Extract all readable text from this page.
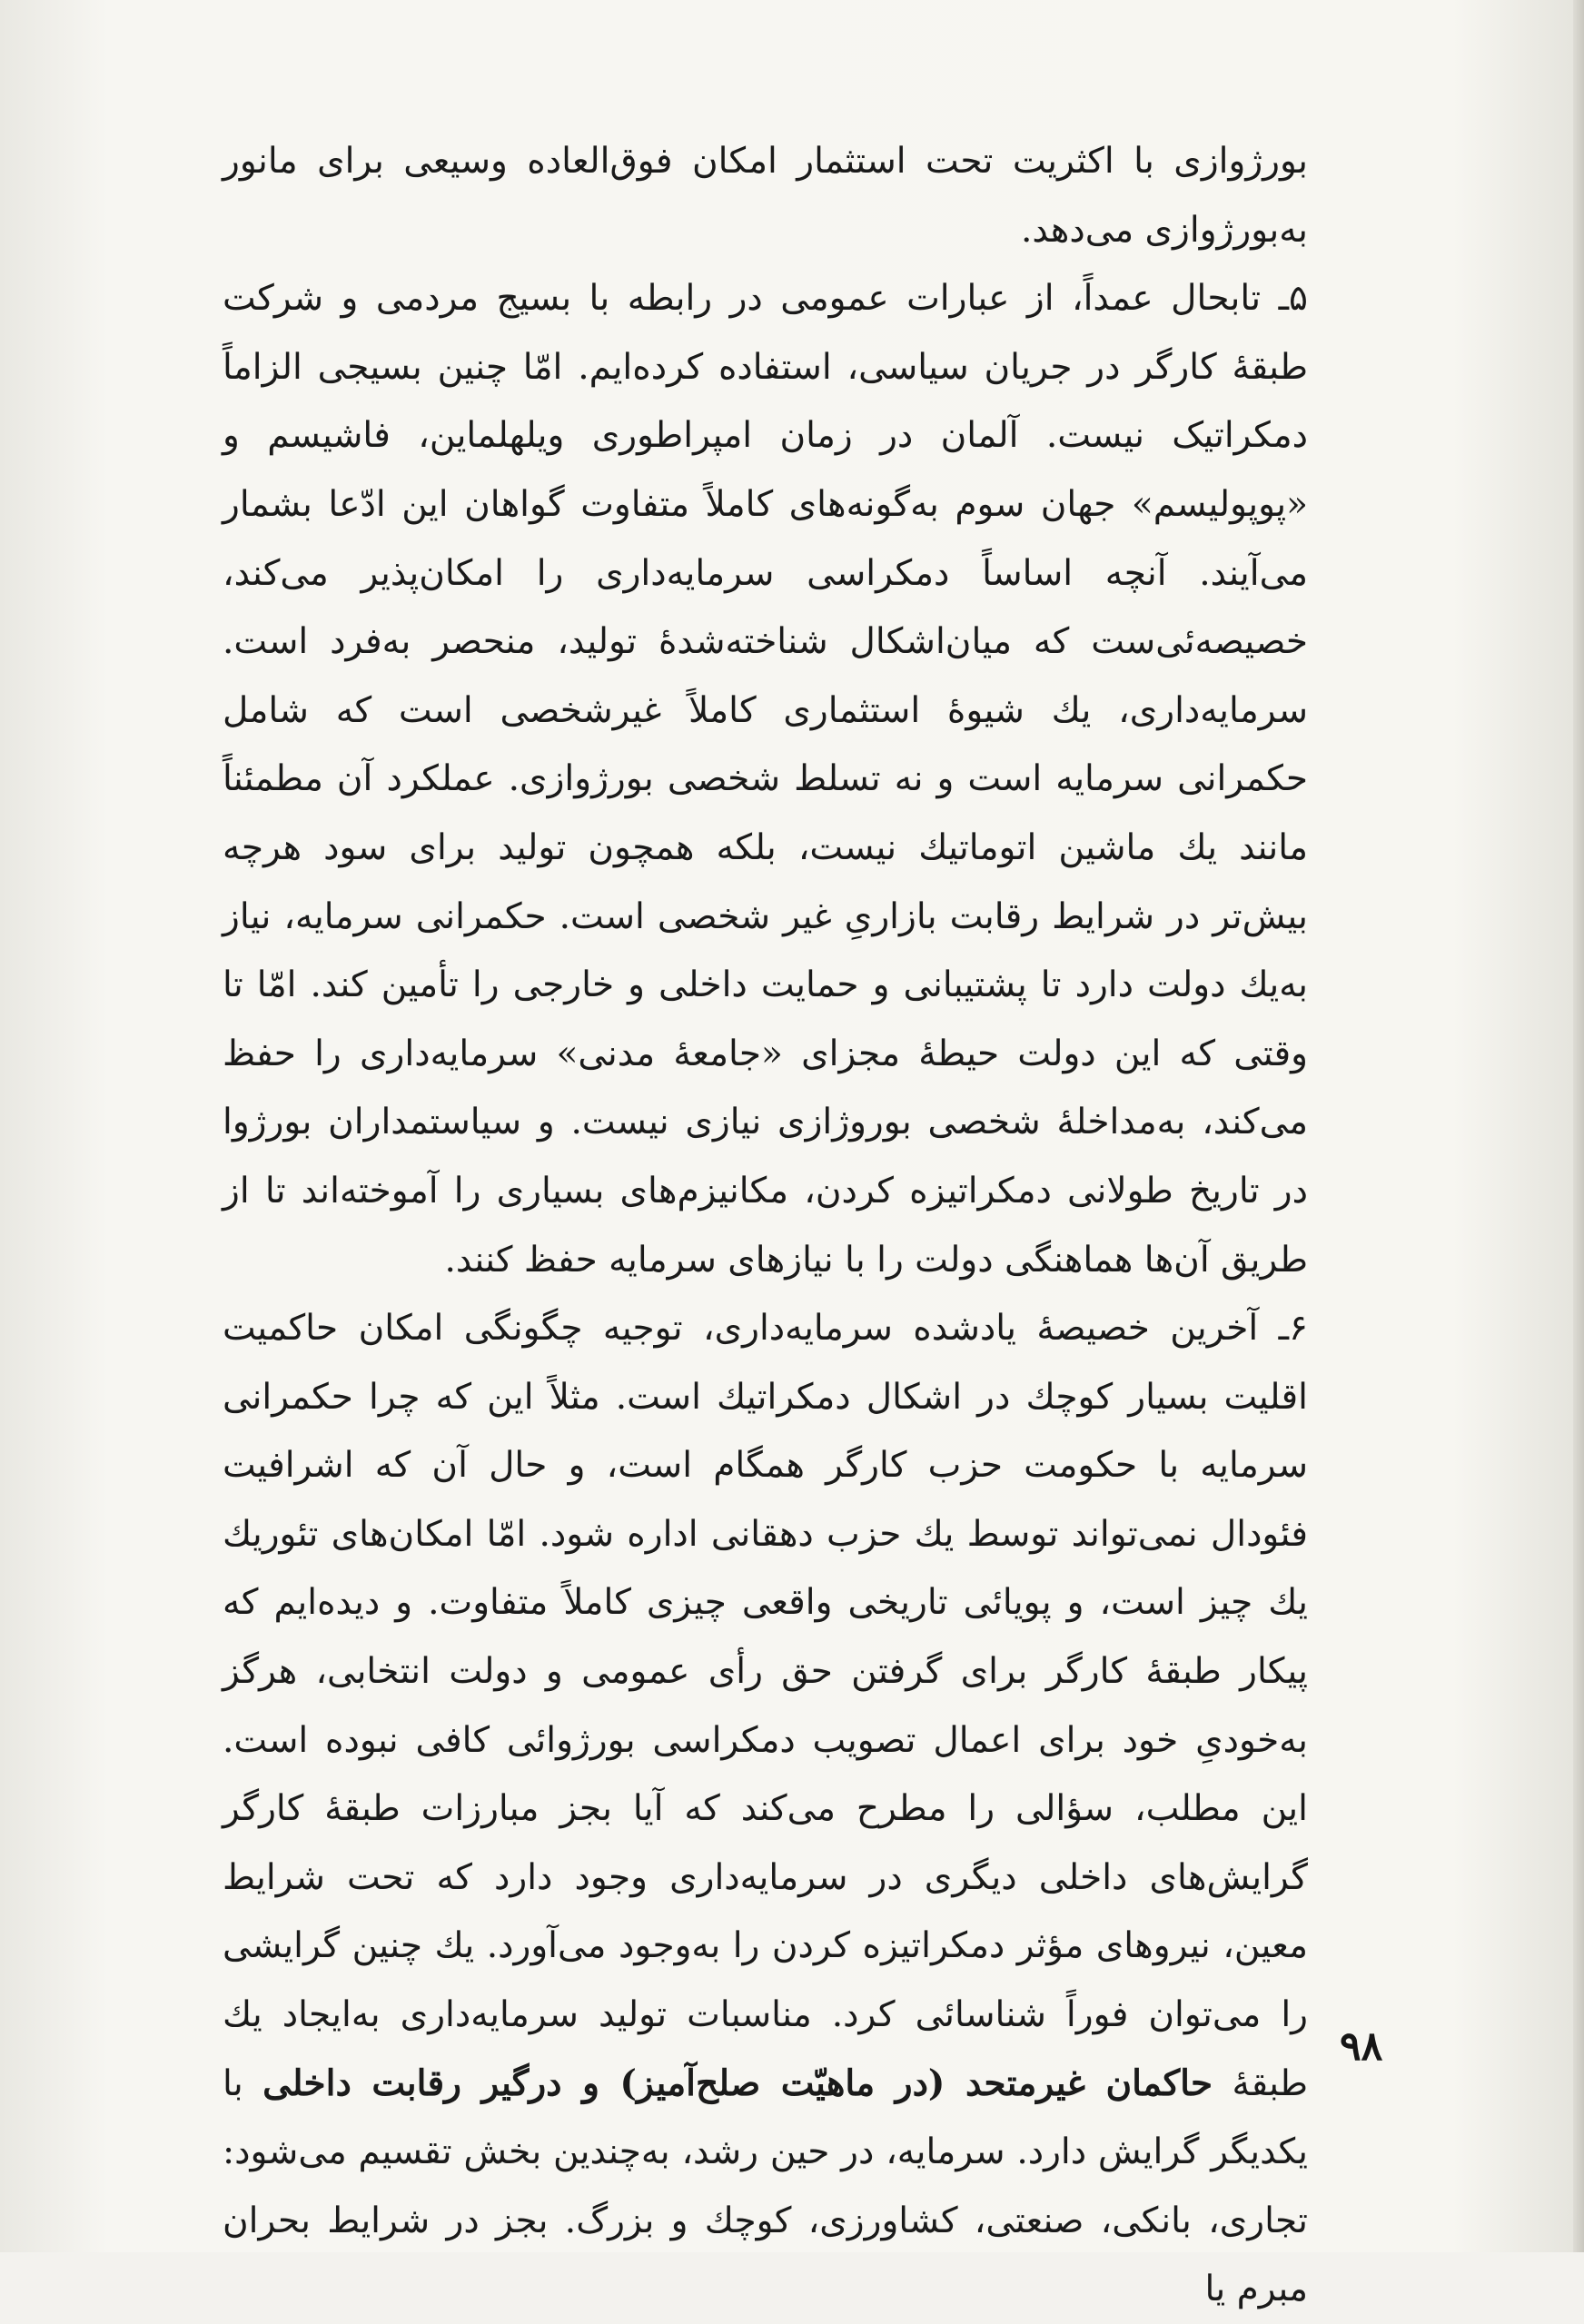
بورژوازی با اکثریت تحت استثمار امکان فوق‌العاده وسیعی برای مانور به‌بورژوازی می‌دهد.

۵ـ تابحال عمداً، از عبارات عمومی در رابطه با بسیج مردمی و شرکت طبقهٔ کارگر در جریان سیاسی، استفاده کرده‌ایم. امّا چنین بسیجی الزاماً دمکراتیک نیست. آلمان در زمان امپراطوری ویلهلماین، فاشیسم و «پوپولیسم» جهان سوم به‌گونه‌های کاملاً متفاوت گواهان این ادّعا بشمار می‌آیند. آنچه اساساً دمکراسی سرمایه‌داری را امکان‌پذیر می‌کند، خصیصه‌ئی‌ست که میان‌اشکال شناخته‌شدهٔ تولید، منحصر به‌فرد است. سرمایه‌داری، یك شیوهٔ استثماری کاملاً غیرشخصی است که شامل حکمرانی سرمایه است و نه تسلط شخصی بورژوازی. عملکرد آن مطمئناً مانند یك ماشین اتوماتیك نیست، بلکه همچون تولید برای سود هرچه بیش‌تر در شرایط رقابت بازاریِ غیر شخصی است. حکمرانی سرمایه، نیاز به‌یك دولت دارد تا پشتیبانی و حمایت داخلی و خارجی را تأمین کند. امّا تا وقتی که این دولت حیطهٔ مجزای «جامعهٔ مدنی» سرمایه‌داری را حفظ می‌کند، به‌مداخلهٔ شخصی بوروژازی نیازی نیست. و سیاستمداران بورژوا در تاریخ طولانی دمکراتیزه کردن، مکانیزم‌های بسیاری را آموخته‌اند تا از طریق آن‌ها هماهنگی دولت را با نیازهای سرمایه حفظ کنند.

۶ـ آخرین خصیصهٔ یادشده سرمایه‌داری، توجیه چگونگی امکان حاکمیت اقلیت بسیار کوچك در اشکال دمکراتیك است. مثلاً این که چرا حکمرانی سرمایه با حکومت حزب کارگر همگام است، و حال آن که اشرافیت فئودال نمی‌تواند توسط یك حزب دهقانی اداره شود. امّا امکان‌های تئوریك یك چیز است، و پویائی تاریخی واقعی چیزی کاملاً متفاوت. و دیده‌ایم که پیکار طبقهٔ کارگر برای گرفتن حق رأی عمومی و دولت انتخابی، هرگز به‌خودیِ خود برای اعمال تصویب دمکراسی بورژوائی کافی نبوده است. این مطلب، سؤالی را مطرح می‌کند که آیا بجز مبارزات طبقهٔ کارگر گرایش‌های داخلی دیگری در سرمایه‌داری وجود دارد که تحت شرایط معین، نیروهای مؤثر دمکراتیزه کردن را به‌وجود می‌آورد. یك چنین گرایشی را می‌توان فوراً شناسائی کرد. مناسبات تولید سرمایه‌داری به‌ایجاد یك طبقهٔ حاکمان غیرمتحد (در ماهیّت صلح‌آمیز) و درگیر رقابت داخلی با یکدیگر گرایش دارد. سرمایه، در حین رشد، به‌چندین بخش تقسیم می‌شود: تجاری، بانکی، صنعتی، کشاورزی، کوچك و بزرگ. بجز در شرایط بحران مبرم یا

۹۸
